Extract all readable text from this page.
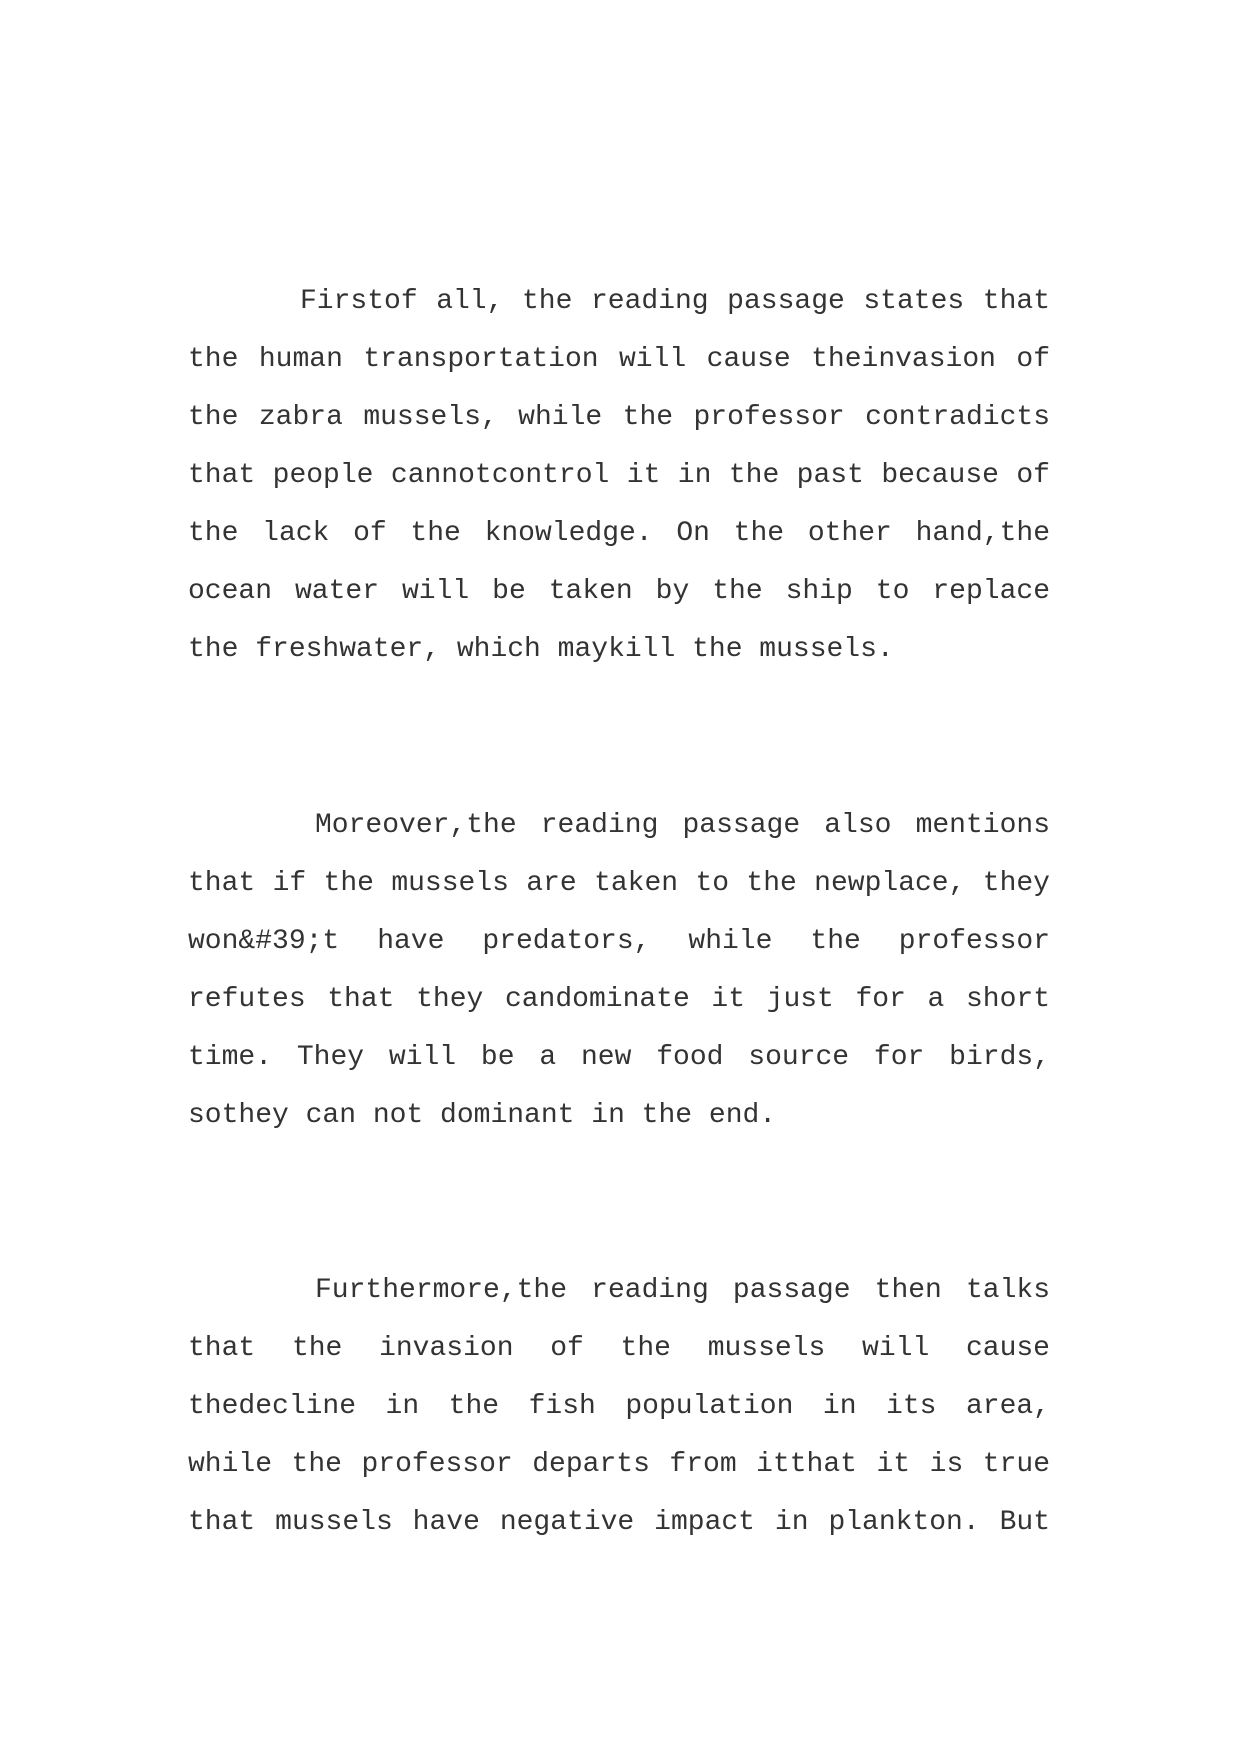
Firstof all, the reading passage states that
the human transportation will cause theinvasion of
the zabra mussels, while the professor contradicts
that people cannotcontrol it in the past because of
the lack of the knowledge. On the other hand,the
ocean water will be taken by the ship to replace
the freshwater, which maykill the mussels.
Moreover,the reading passage also mentions
that if the mussels are taken to the newplace, they
won&#39;t have predators, while the professor
refutes that they candominate it just for a short
time. They will be a new food source for birds,
sothey can not dominant in the end.
Furthermore,the reading passage then talks
that the invasion of the mussels will cause
thedecline in the fish population in its area,
while the professor departs from itthat it is true
that mussels have negative impact in plankton. But
